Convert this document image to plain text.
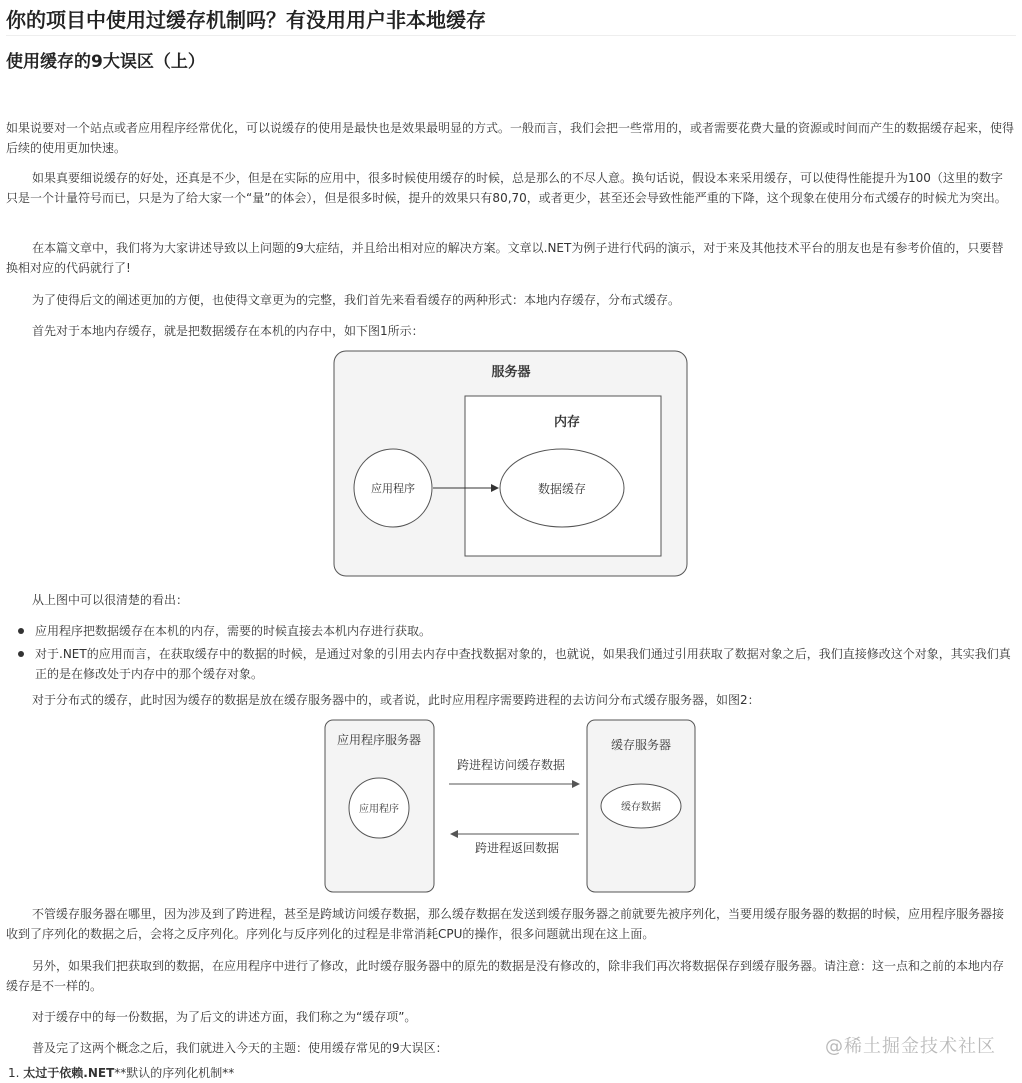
你的项目中使用过缓存机制吗？有没用用户非本地缓存
使用缓存的9大误区（上）

如果说要对一个站点或者应用程序经常优化，可以说缓存的使用是最快也是效果最明显的方式。一般而言，我们会把一些常用的，或者需要花费大量的资源或时间而产生的数据缓存起来，使得后续的使用更加快速。

如果真要细说缓存的好处，还真是不少，但是在实际的应用中，很多时候使用缓存的时候，总是那么的不尽人意。换句话说，假设本来采用缓存，可以使得性能提升为100（这里的数字只是一个计量符号而已，只是为了给大家一个“量”的体会），但是很多时候，提升的效果只有80,70，或者更少，甚至还会导致性能严重的下降，这个现象在使用分布式缓存的时候尤为突出。

在本篇文章中，我们将为大家讲述导致以上问题的9大症结，并且给出相对应的解决方案。文章以.NET为例子进行代码的演示，对于来及其他技术平台的朋友也是有参考价值的，只要替换相对应的代码就行了!

为了使得后文的阐述更加的方便，也使得文章更为的完整，我们首先来看看缓存的两种形式：本地内存缓存，分布式缓存。

首先对于本地内存缓存，就是把数据缓存在本机的内存中，如下图1所示：

服务器
内存
应用程序	数据缓存

从上图中可以很清楚的看出：

应用程序把数据缓存在本机的内存，需要的时候直接去本机内存进行获取。
对于.NET的应用而言，在获取缓存中的数据的时候，是通过对象的引用去内存中查找数据对象的，也就说，如果我们通过引用获取了数据对象之后，我们直接修改这个对象，其实我们真正的是在修改处于内存中的那个缓存对象。

对于分布式的缓存，此时因为缓存的数据是放在缓存服务器中的，或者说，此时应用程序需要跨进程的去访问分布式缓存服务器，如图2：

应用程序服务器
应用程序
缓存服务器
缓存数据
跨进程访问缓存数据
跨进程返回数据

不管缓存服务器在哪里，因为涉及到了跨进程，甚至是跨域访问缓存数据，那么缓存数据在发送到缓存服务器之前就要先被序列化，当要用缓存服务器的数据的时候，应用程序服务器接收到了序列化的数据之后，会将之反序列化。序列化与反序列化的过程是非常消耗CPU的操作，很多问题就出现在这上面。

另外，如果我们把获取到的数据，在应用程序中进行了修改，此时缓存服务器中的原先的数据是没有修改的，除非我们再次将数据保存到缓存服务器。请注意：这一点和之前的本地内存缓存是不一样的。

对于缓存中的每一份数据，为了后文的讲述方面，我们称之为“缓存项”。

普及完了这两个概念之后，我们就进入今天的主题：使用缓存常见的9大误区：

1. 太过于依赖.NET**默认的序列化机制**
@稀土掘金技术社区
